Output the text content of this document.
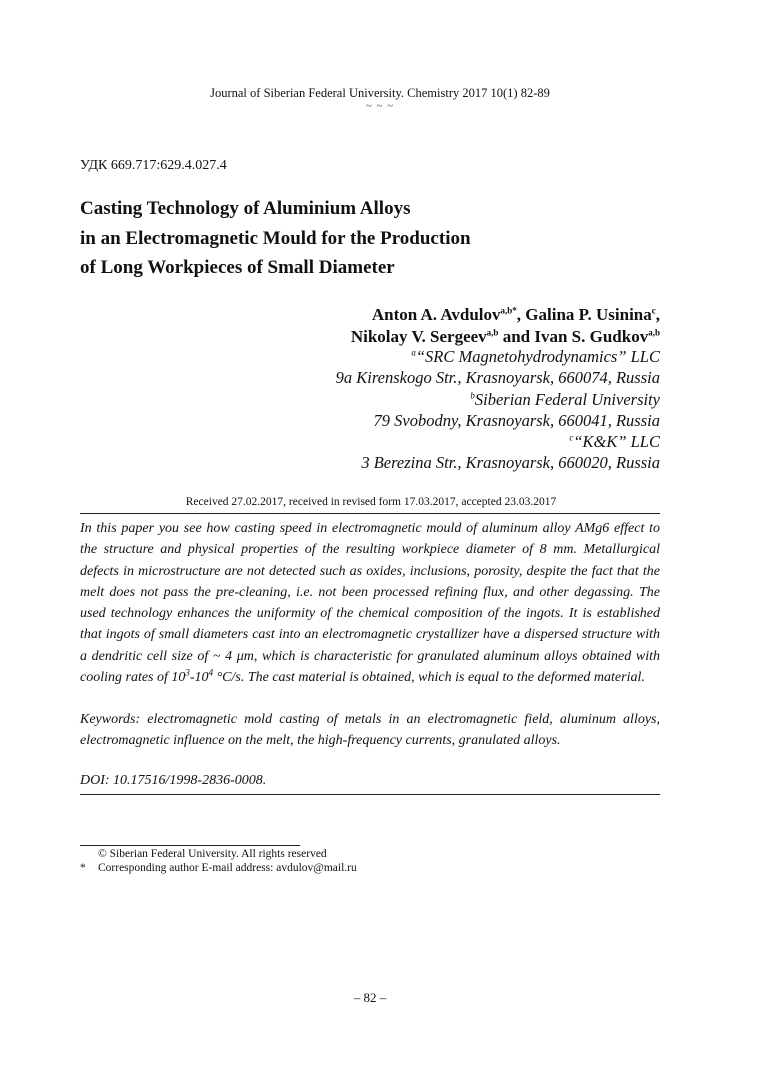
Journal of Siberian Federal University. Chemistry 2017 10(1) 82-89
~ ~ ~
УДК 669.717:629.4.027.4
Casting Technology of Aluminium Alloys
in an Electromagnetic Mould for the Production
of Long Workpieces of Small Diameter
Anton A. Avdulov$^{a,b*}$, Galina P. Usinina$^c$,
Nikolay V. Sergeev$^{a,b}$ and Ivan S. Gudkov$^{a,b}$
$^a$“SRC Magnetohydrodynamics” LLC
9a Kirenskogo Str., Krasnoyarsk, 660074, Russia
$^b$Siberian Federal University
79 Svobodny, Krasnoyarsk, 660041, Russia
$^c$“K&K” LLC
3 Berezina Str., Krasnoyarsk, 660020, Russia
Received 27.02.2017, received in revised form 17.03.2017, accepted 23.03.2017
In this paper you see how casting speed in electromagnetic mould of aluminum alloy AMg6 effect to the structure and physical properties of the resulting workpiece diameter of 8 mm. Metallurgical defects in microstructure are not detected such as oxides, inclusions, porosity, despite the fact that the melt does not pass the pre-cleaning, i.e. not been processed refining flux, and other degassing. The used technology enhances the uniformity of the chemical composition of the ingots. It is established that ingots of small diameters cast into an electromagnetic crystallizer have a dispersed structure with a dendritic cell size of ~ 4 μm, which is characteristic for granulated aluminum alloys obtained with cooling rates of $10^3-10^4$ °C/s. The cast material is obtained, which is equal to the deformed material.
Keywords: electromagnetic mold casting of metals in an electromagnetic field, aluminum alloys, electromagnetic influence on the melt, the high-frequency currents, granulated alloys.
DOI: 10.17516/1998-2836-0008.
© Siberian Federal University. All rights reserved
* Corresponding author E-mail address: avdulov@mail.ru
– 82 –
